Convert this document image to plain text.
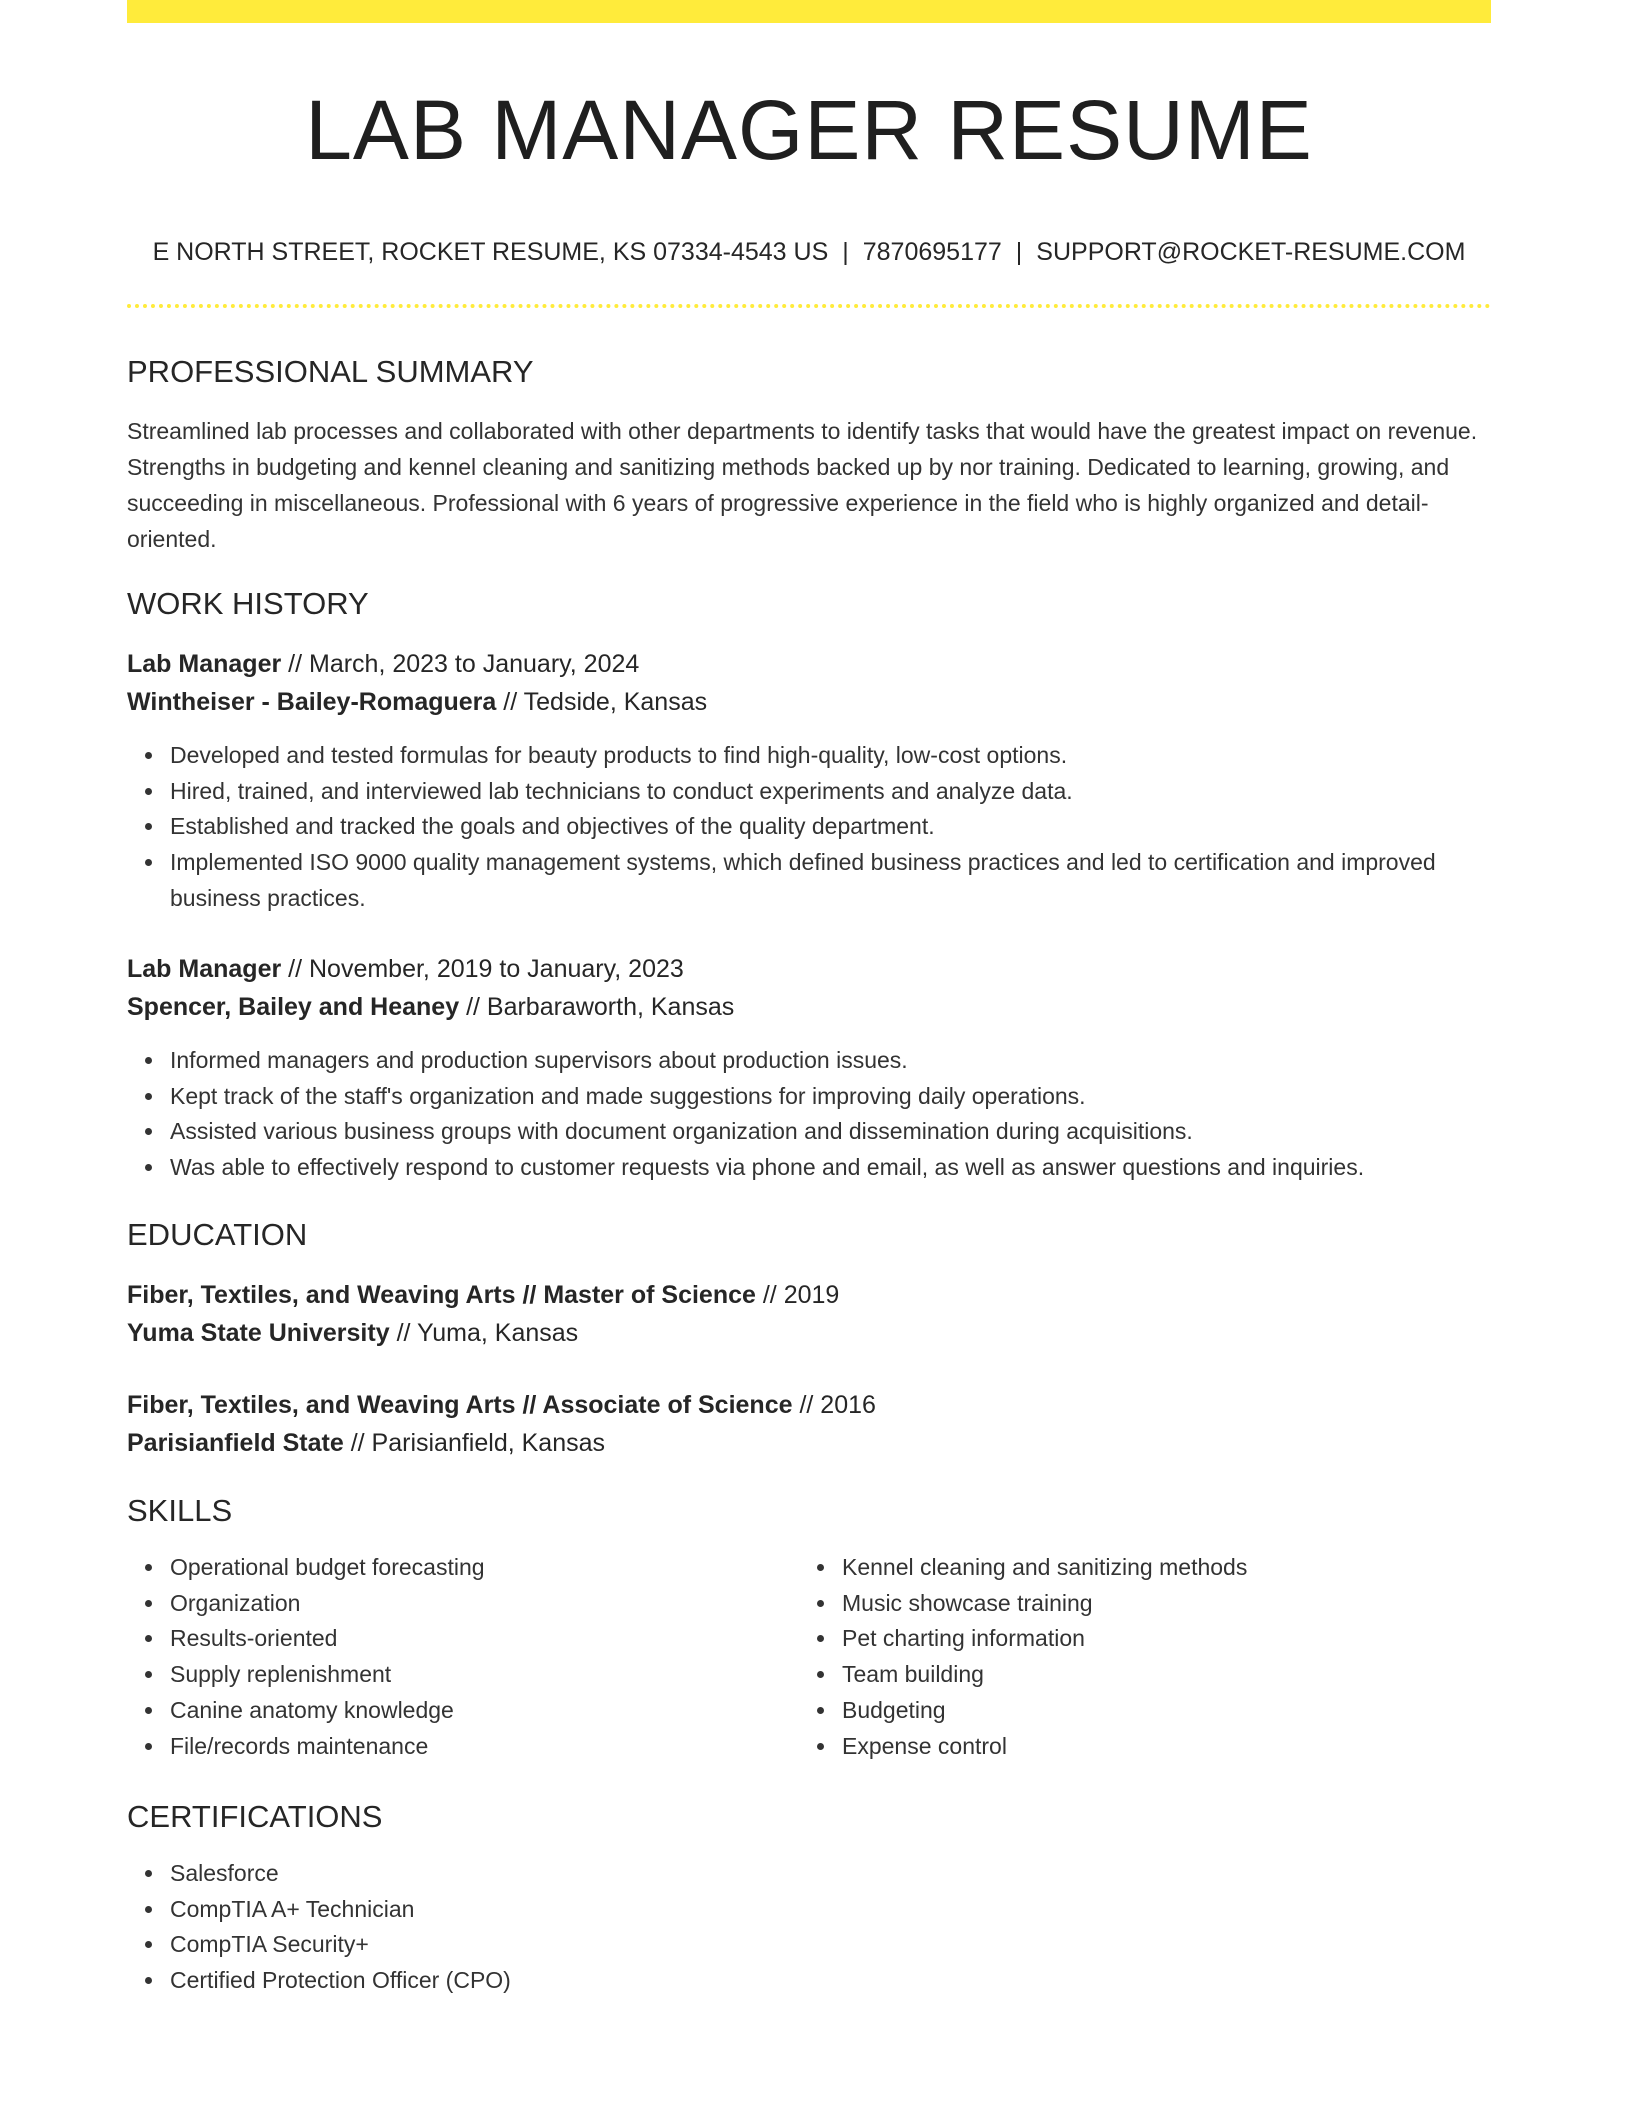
LAB MANAGER RESUME
E NORTH STREET, ROCKET RESUME, KS 07334-4543 US | 7870695177 | SUPPORT@ROCKET-RESUME.COM
PROFESSIONAL SUMMARY

Streamlined lab processes and collaborated with other departments to identify tasks that would have the greatest impact on revenue. Strengths in budgeting and kennel cleaning and sanitizing methods backed up by nor training. Dedicated to learning, growing, and succeeding in miscellaneous. Professional with 6 years of progressive experience in the field who is highly organized and detail-oriented.

WORK HISTORY
Lab Manager // March, 2023 to January, 2024
Wintheiser - Bailey-Romaguera // Tedside, Kansas
Developed and tested formulas for beauty products to find high-quality, low-cost options.
Hired, trained, and interviewed lab technicians to conduct experiments and analyze data.
Established and tracked the goals and objectives of the quality department.
Implemented ISO 9000 quality management systems, which defined business practices and led to certification and improved business practices.
Lab Manager // November, 2019 to January, 2023
Spencer, Bailey and Heaney // Barbaraworth, Kansas
Informed managers and production supervisors about production issues.
Kept track of the staff's organization and made suggestions for improving daily operations.
Assisted various business groups with document organization and dissemination during acquisitions.
Was able to effectively respond to customer requests via phone and email, as well as answer questions and inquiries.
EDUCATION
Fiber, Textiles, and Weaving Arts // Master of Science // 2019
Yuma State University // Yuma, Kansas
Fiber, Textiles, and Weaving Arts // Associate of Science // 2016
Parisianfield State // Parisianfield, Kansas
SKILLS
Operational budget forecasting
Organization
Results-oriented
Supply replenishment
Canine anatomy knowledge
File/records maintenance
Kennel cleaning and sanitizing methods
Music showcase training
Pet charting information
Team building
Budgeting
Expense control
CERTIFICATIONS
Salesforce
CompTIA A+ Technician
CompTIA Security+
Certified Protection Officer (CPO)
